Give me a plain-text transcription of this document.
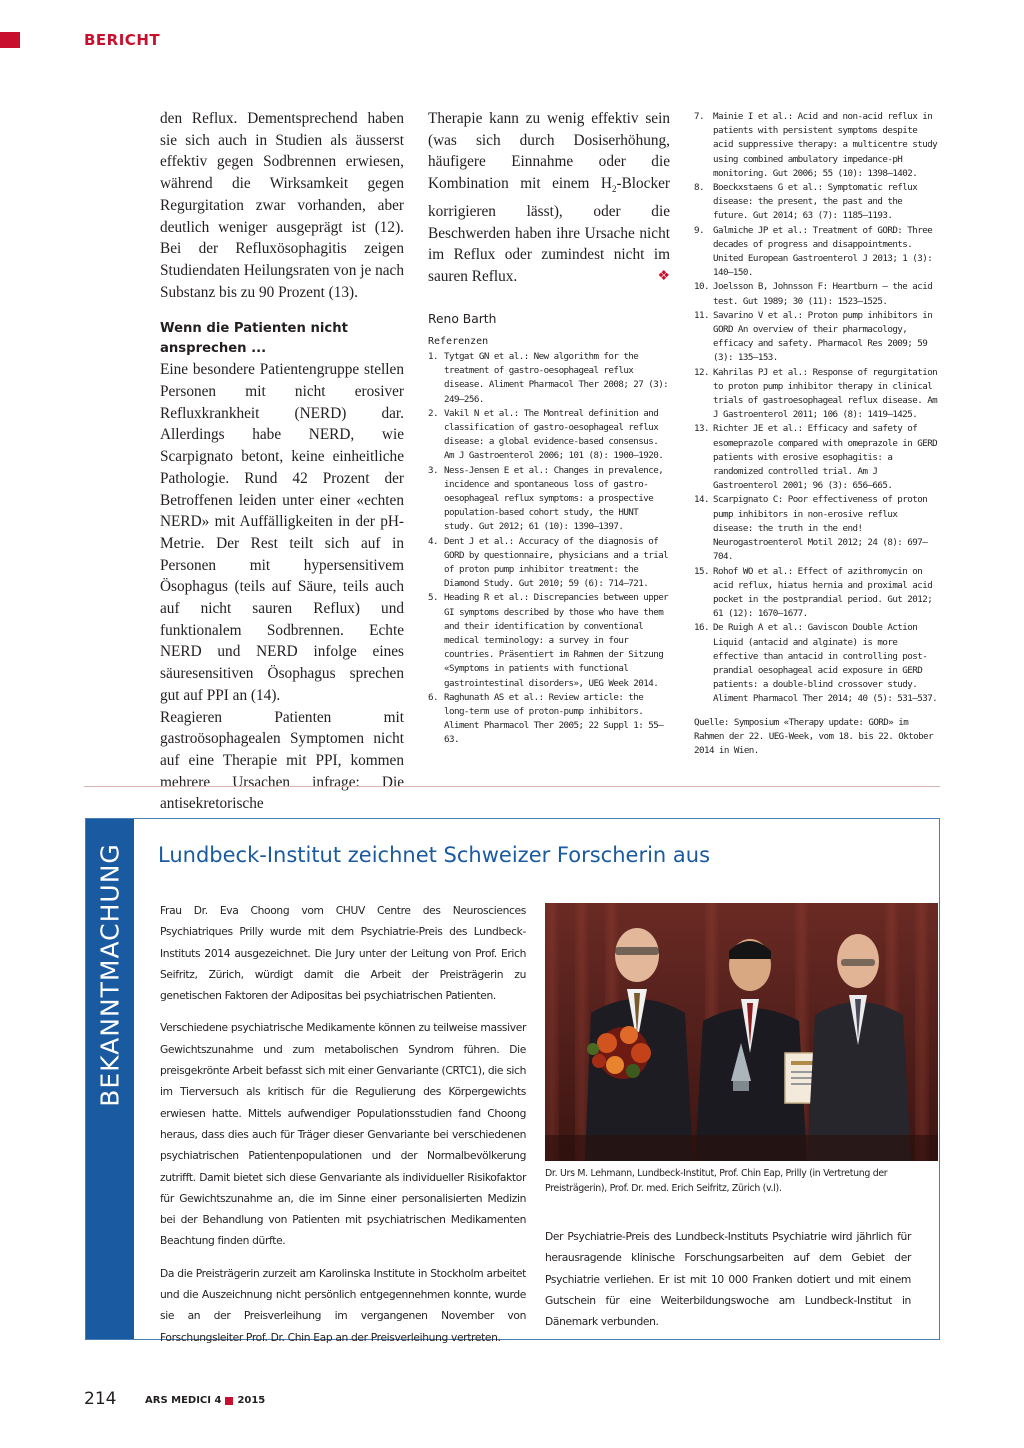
BERICHT

den Reflux. Dementsprechend haben sie sich auch in Studien als äusserst effektiv gegen Sodbrennen erwiesen, während die Wirksamkeit gegen Regurgitation zwar vorhanden, aber deutlich weniger ausgeprägt ist (12). Bei der Refluxösophagitis zeigen Studiendaten Heilungsraten von je nach Substanz bis zu 90 Prozent (13).

Wenn die Patienten nicht ansprechen ...

Eine besondere Patientengruppe stellen Personen mit nicht erosiver Refluxkrankheit (NERD) dar. Allerdings habe NERD, wie Scarpignato betont, keine einheitliche Pathologie. Rund 42 Prozent der Betroffenen leiden unter einer «echten NERD» mit Auffälligkeiten in der pH-Metrie. Der Rest teilt sich auf in Personen mit hypersensitivem Ösophagus (teils auf Säure, teils auch auf nicht sauren Reflux) und funktionalem Sodbrennen. Echte NERD und NERD infolge eines säuresensitiven Ösophagus sprechen gut auf PPI an (14).

Reagieren Patienten mit gastroösophagealen Symptomen nicht auf eine Therapie mit PPI, kommen mehrere Ursachen infrage: Die antisekretorische

Therapie kann zu wenig effektiv sein (was sich durch Dosiserhöhung, häufigere Einnahme oder die Kombination mit einem $H_2$-Blocker korrigieren lässt), oder die Beschwerden haben ihre Ursache nicht im Reflux oder zumindest nicht im sauren Reflux.	❖

Reno Barth
Referenzen
1. Tytgat GN et al.: New algorithm for the treatment of gastro-oesophageal reflux disease. Aliment Pharmacol Ther 2008; 27 (3): 249–256.
2. Vakil N et al.: The Montreal definition and classification of gastro-oesophageal reflux disease: a global evidence-based consensus. Am J Gastroenterol 2006; 101 (8): 1900–1920.
3. Ness-Jensen E et al.: Changes in prevalence, incidence and spontaneous loss of gastro-oesophageal reflux symptoms: a prospective population-based cohort study, the HUNT study. Gut 2012; 61 (10): 1390–1397.
4. Dent J et al.: Accuracy of the diagnosis of GORD by questionnaire, physicians and a trial of proton pump inhibitor treatment: the Diamond Study. Gut 2010; 59 (6): 714–721.
5. Heading R et al.: Discrepancies between upper GI symptoms described by those who have them and their identification by conventional medical terminology: a survey in four countries. Präsentiert im Rahmen der Sitzung «Symptoms in patients with functional gastrointestinal disorders», UEG Week 2014.
6. Raghunath AS et al.: Review article: the long-term use of proton-pump inhibitors. Aliment Pharmacol Ther 2005; 22 Suppl 1: 55–63.
7. Mainie I et al.: Acid and non-acid reflux in patients with persistent symptoms despite acid suppressive therapy: a multicentre study using combined ambulatory impedance-pH monitoring. Gut 2006; 55 (10): 1398–1402.
8. Boeckxstaens G et al.: Symptomatic reflux disease: the present, the past and the future. Gut 2014; 63 (7): 1185–1193.
9. Galmiche JP et al.: Treatment of GORD: Three decades of progress and disappointments. United European Gastroenterol J 2013; 1 (3): 140–150.
10. Joelsson B, Johnsson F: Heartburn – the acid test. Gut 1989; 30 (11): 1523–1525.
11. Savarino V et al.: Proton pump inhibitors in GORD An overview of their pharmacology, efficacy and safety. Pharmacol Res 2009; 59 (3): 135–153.
12. Kahrilas PJ et al.: Response of regurgitation to proton pump inhibitor therapy in clinical trials of gastroesophageal reflux disease. Am J Gastroenterol 2011; 106 (8): 1419–1425.
13. Richter JE et al.: Efficacy and safety of esomeprazole compared with omeprazole in GERD patients with erosive esophagitis: a randomized controlled trial. Am J Gastroenterol 2001; 96 (3): 656–665.
14. Scarpignato C: Poor effectiveness of proton pump inhibitors in non-erosive reflux disease: the truth in the end! Neurogastroenterol Motil 2012; 24 (8): 697–704.
15. Rohof WO et al.: Effect of azithromycin on acid reflux, hiatus hernia and proximal acid pocket in the postprandial period. Gut 2012; 61 (12): 1670–1677.
16. De Ruigh A et al.: Gaviscon Double Action Liquid (antacid and alginate) is more effective than antacid in controlling post-prandial oesophageal acid exposure in GERD patients: a double-blind crossover study. Aliment Pharmacol Ther 2014; 40 (5): 531–537.
Quelle: Symposium «Therapy update: GORD» im Rahmen der 22. UEG-Week, vom 18. bis 22. Oktober 2014 in Wien.
BEKANNTMACHUNG Lundbeck-Institut zeichnet Schweizer Forscherin aus

Frau Dr. Eva Choong vom CHUV Centre des Neurosciences Psychiatriques Prilly wurde mit dem Psychiatrie-Preis des Lundbeck-Instituts 2014 ausgezeichnet. Die Jury unter der Leitung von Prof. Erich Seifritz, Zürich, würdigt damit die Arbeit der Preisträgerin zu genetischen Faktoren der Adipositas bei psychiatrischen Patienten.

Verschiedene psychiatrische Medikamente können zu teilweise massiver Gewichtszunahme und zum metabolischen Syndrom führen. Die preisgekrönte Arbeit befasst sich mit einer Genvariante (CRTC1), die sich im Tierversuch als kritisch für die Regulierung des Körpergewichts erwiesen hatte. Mittels aufwendiger Populationsstudien fand Choong heraus, dass dies auch für Träger dieser Genvariante bei verschiedenen psychiatrischen Patientenpopulationen und der Normalbevölkerung zutrifft. Damit bietet sich diese Genvariante als individueller Risikofaktor für Gewichtszunahme an, die im Sinne einer personalisierten Medizin bei der Behandlung von Patienten mit psychiatrischen Medikamenten Beachtung finden dürfte.

Da die Preisträgerin zurzeit am Karolinska Institute in Stockholm arbeitet und die Auszeichnung nicht persönlich entgegennehmen konnte, wurde sie an der Preisverleihung im vergangenen November von Forschungsleiter Prof. Dr. Chin Eap an der Preisverleihung vertreten.

Dr. Urs M. Lehmann, Lundbeck-Institut, Prof. Chin Eap, Prilly (in Vertretung der Preisträgerin), Prof. Dr. med. Erich Seifritz, Zürich (v.l).

Der Psychiatrie-Preis des Lundbeck-Instituts Psychiatrie wird jährlich für herausragende klinische Forschungsarbeiten auf dem Gebiet der Psychiatrie verliehen. Er ist mit 10 000 Franken dotiert und mit einem Gutschein für eine Weiterbildungswoche am Lundbeck-Institut in Dänemark verbunden.

214	ARS MEDICI 4 2015
